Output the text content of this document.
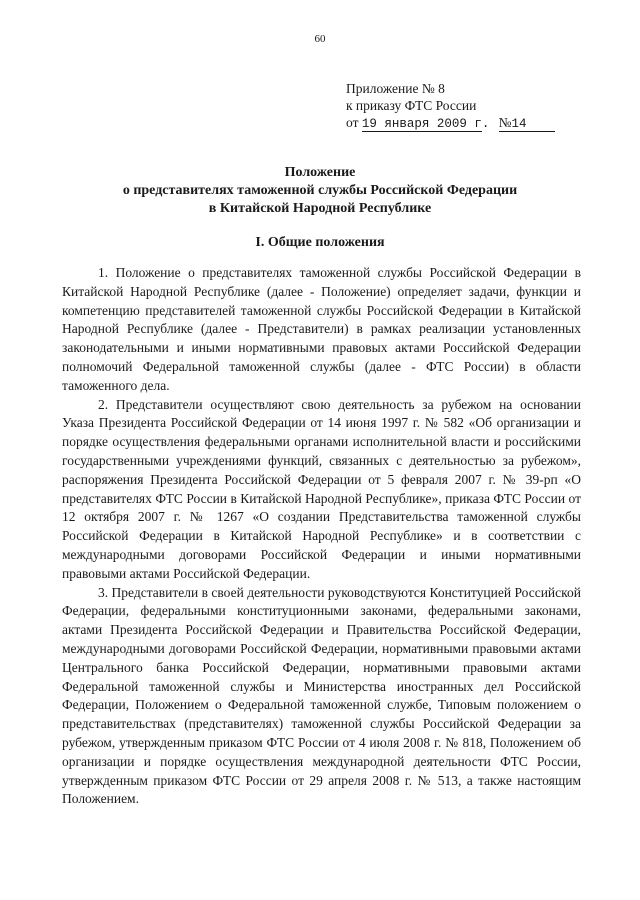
60
Приложение № 8
к приказу ФТС России
от 19 января 2009 г. №14
Положение
о представителях таможенной службы Российской Федерации
в Китайской Народной Республике
I. Общие положения

1. Положение о представителях таможенной службы Российской Федерации в Китайской Народной Республике (далее - Положение) определяет задачи, функции и компетенцию представителей таможенной службы Российской Федерации в Китайской Народной Республике (далее - Представители) в рамках реализации установленных законодательными и иными нормативными правовых актами Российской Федерации полномочий Федеральной таможенной службы (далее - ФТС России) в области таможенного дела.

2. Представители осуществляют свою деятельность за рубежом на основании Указа Президента Российской Федерации от 14 июня 1997 г. № 582 «Об организации и порядке осуществления федеральными органами исполнительной власти и российскими государственными учреждениями функций, связанных с деятельностью за рубежом», распоряжения Президента Российской Федерации от 5 февраля 2007 г. № 39-рп «О представителях ФТС России в Китайской Народной Республике», приказа ФТС России от 12 октября 2007 г. № 1267 «О создании Представительства таможенной службы Российской Федерации в Китайской Народной Республике» и в соответствии с международными договорами Российской Федерации и иными нормативными правовыми актами Российской Федерации.

3. Представители в своей деятельности руководствуются Конституцией Российской Федерации, федеральными конституционными законами, федеральными законами, актами Президента Российской Федерации и Правительства Российской Федерации, международными договорами Российской Федерации, нормативными правовыми актами Центрального банка Российской Федерации, нормативными правовыми актами Федеральной таможенной службы и Министерства иностранных дел Российской Федерации, Положением о Федеральной таможенной службе, Типовым положением о представительствах (представителях) таможенной службы Российской Федерации за рубежом, утвержденным приказом ФТС России от 4 июля 2008 г. № 818, Положением об организации и порядке осуществления международной деятельности ФТС России, утвержденным приказом ФТС России от 29 апреля 2008 г. № 513, а также настоящим Положением.
